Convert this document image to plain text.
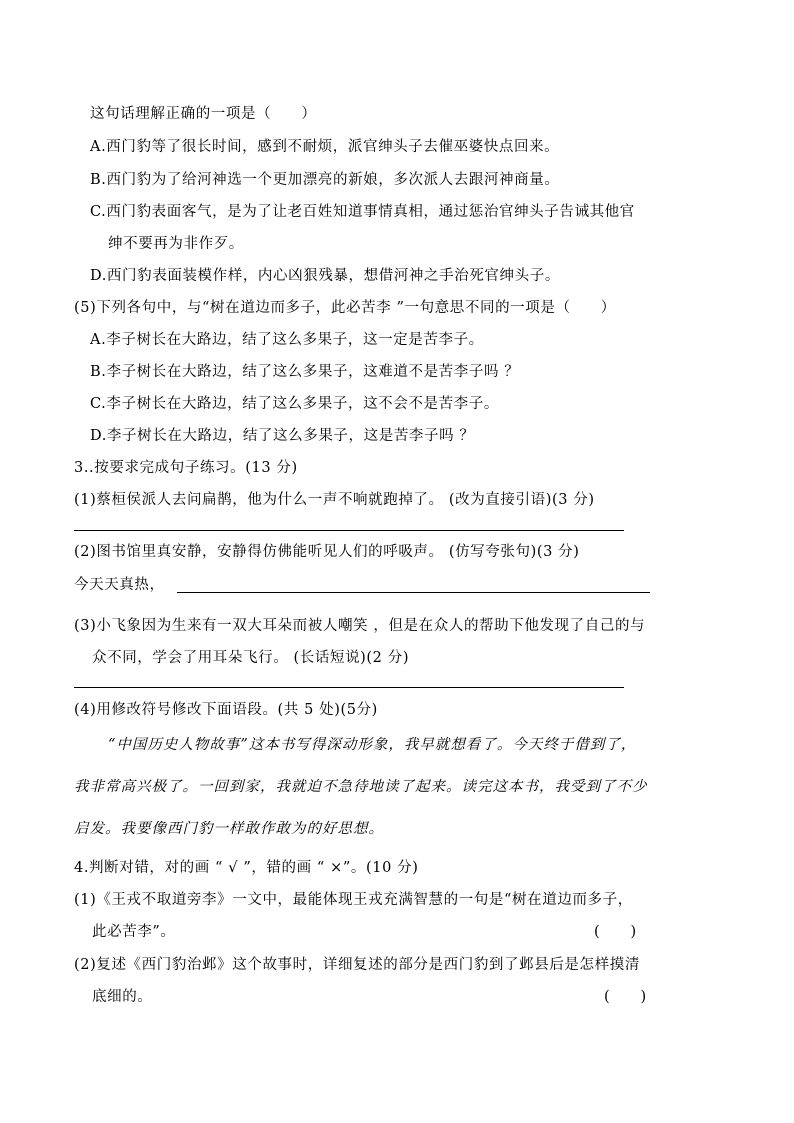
这句话理解正确的一项是（　　）
A.西门豹等了很长时间，感到不耐烦，派官绅头子去催巫婆快点回来。
B.西门豹为了给河神选一个更加漂亮的新娘，多次派人去跟河神商量。
C.西门豹表面客气，是为了让老百姓知道事情真相，通过惩治官绅头子告诫其他官
绅不要再为非作歹。
D.西门豹表面装模作样，内心凶狠残暴，想借河神之手治死官绅头子。
(5)下列各句中，与“树在道边而多子，此必苦李 ”一句意思不同的一项是（　　）
A.李子树长在大路边，结了这么多果子，这一定是苦李子。
B.李子树长在大路边，结了这么多果子，这难道不是苦李子吗 ？
C.李子树长在大路边，结了这么多果子，这不会不是苦李子。
D.李子树长在大路边，结了这么多果子，这是苦李子吗 ？
3..按要求完成句子练习。(13 分)
(1)蔡桓侯派人去问扁鹊，他为什么一声不响就跑掉了。 (改为直接引语)(3 分)
(2)图书馆里真安静，安静得仿佛能听见人们的呼吸声。 (仿写夸张句)(3 分)
今天天真热，
(3)小飞象因为生来有一双大耳朵而被人嘲笑 ，但是在众人的帮助下他发现了自己的与
众不同，学会了用耳朵飞行。 (长话短说)(2 分)
(4)用修改符号修改下面语段。(共 5 处)(5分)
“中国历史人物故事”这本书写得深动形象，我早就想看了。今天终于借到了，
我非常高兴极了。一回到家，我就迫不急待地读了起来。读完这本书，我受到了不少
启发。我要像西门豹一样敢作敢为的好思想。
4.判断对错，对的画 “ √ ”，错的画 “ ×”。(10 分)
(1)《王戎不取道旁李》一文中，最能体现王戎充满智慧的一句是“树在道边而多子，
此必苦李”。	(　　)
(2)复述《西门豹治邺》这个故事时，详细复述的部分是西门豹到了邺县后是怎样摸清
底细的。	(　　)
